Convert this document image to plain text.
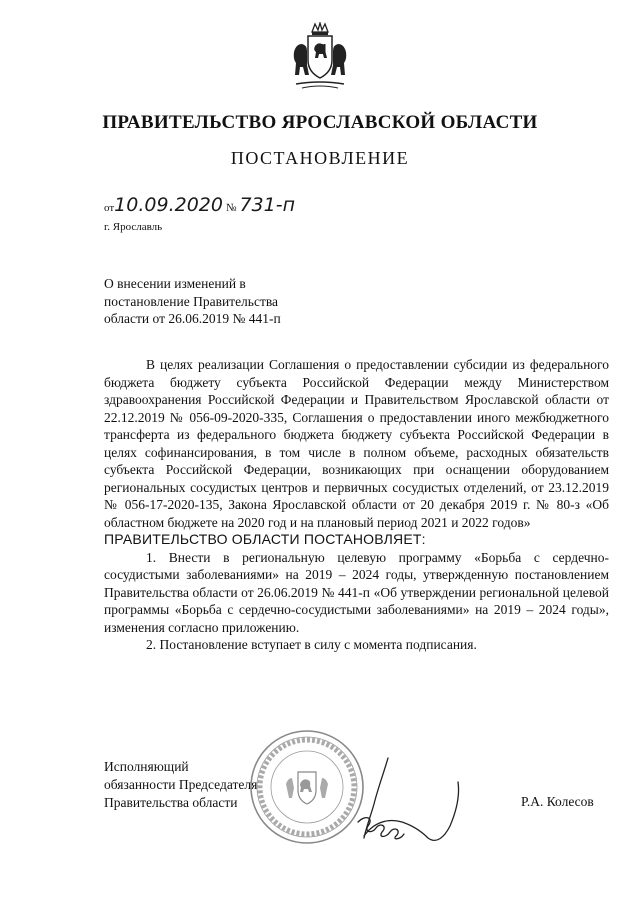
ПРАВИТЕЛЬСТВО ЯРОСЛАВСКОЙ ОБЛАСТИ
ПОСТАНОВЛЕНИЕ
от10.09.2020 № 731-п
г. Ярославль
О внесении изменений в
постановление Правительства
области от 26.06.2019 № 441-п

В целях реализации Соглашения о предоставлении субсидии из федерального бюджета бюджету субъекта Российской Федерации между Министерством здравоохранения Российской Федерации и Правительством Ярославской области от 22.12.2019 № 056-09-2020-335, Соглашения о предоставлении иного межбюджетного трансферта из федерального бюджета бюджету субъекта Российской Федерации в целях софинансирования, в том числе в полном объеме, расходных обязательств субъекта Российской Федерации, возникающих при оснащении оборудованием региональных сосудистых центров и первичных сосудистых отделений, от 23.12.2019 № 056-17-2020-135, Закона Ярославской области от 20 декабря 2019 г. № 80-з «Об областном бюджете на 2020 год и на плановый период 2021 и 2022 годов»

ПРАВИТЕЛЬСТВО ОБЛАСТИ ПОСТАНОВЛЯЕТ:

1. Внести в региональную целевую программу «Борьба с сердечно-сосудистыми заболеваниями» на 2019 – 2024 годы, утвержденную постановлением Правительства области от 26.06.2019 № 441-п «Об утверждении региональной целевой программы «Борьба с сердечно-сосудистыми заболеваниями» на 2019 – 2024 годы», изменения согласно приложению.

2. Постановление вступает в силу с момента подписания.

Исполняющий
обязанности Председателя
Правительства области	Р.А. Колесов
